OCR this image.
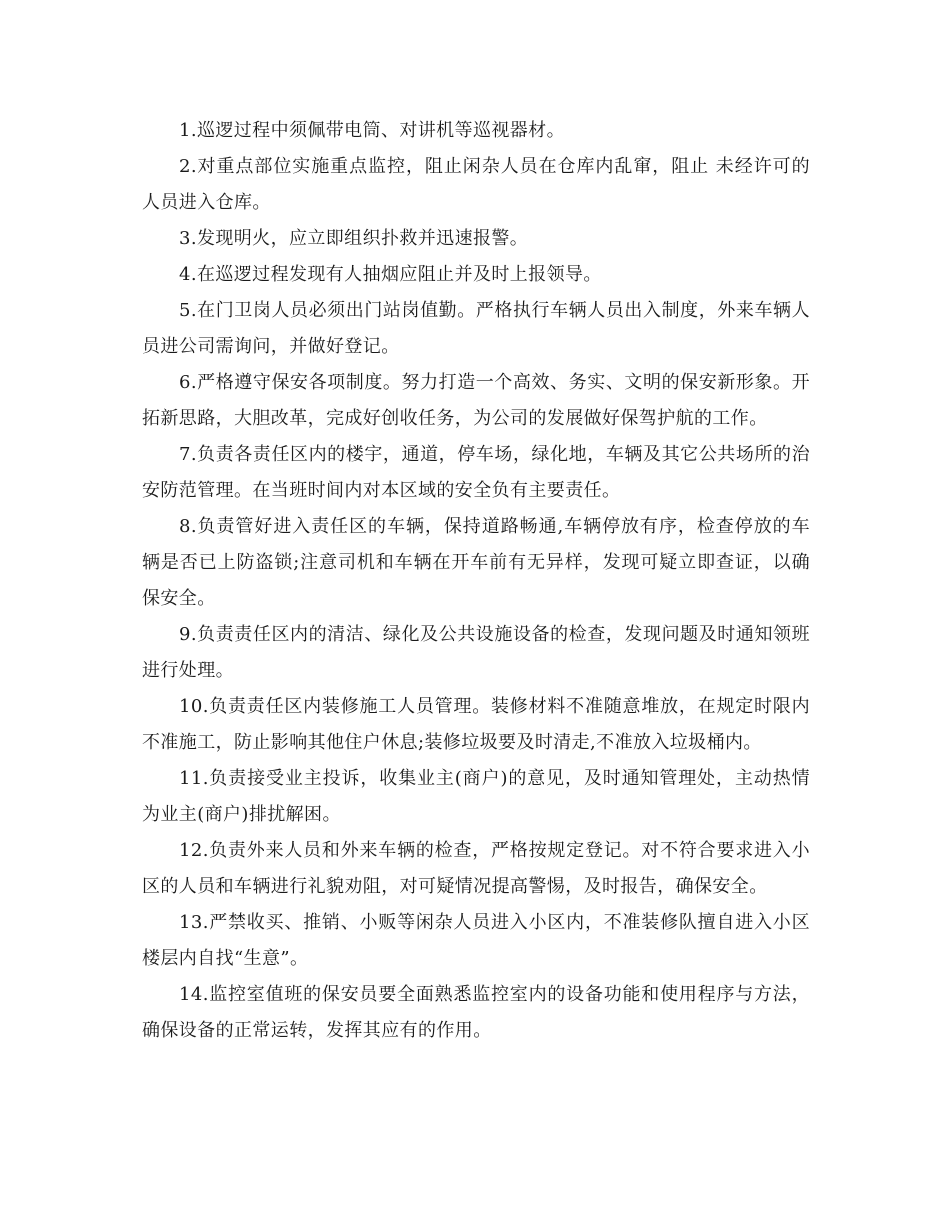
1.巡逻过程中须佩带电筒、对讲机等巡视器材。

2.对重点部位实施重点监控，阻止闲杂人员在仓库内乱窜，阻止 未经许可的人员进入仓库。

3.发现明火，应立即组织扑救并迅速报警。

4.在巡逻过程发现有人抽烟应阻止并及时上报领导。

5.在门卫岗人员必须出门站岗值勤。严格执行车辆人员出入制度，外来车辆人员进公司需询问，并做好登记。

6.严格遵守保安各项制度。努力打造一个高效、务实、文明的保安新形象。开拓新思路，大胆改革，完成好创收任务，为公司的发展做好保驾护航的工作。

7.负责各责任区内的楼宇，通道，停车场，绿化地，车辆及其它公共场所的治安防范管理。在当班时间内对本区域的安全负有主要责任。

8.负责管好进入责任区的车辆，保持道路畅通,车辆停放有序，检查停放的车辆是否已上防盗锁;注意司机和车辆在开车前有无异样，发现可疑立即查证，以确保安全。

9.负责责任区内的清洁、绿化及公共设施设备的检查，发现问题及时通知领班进行处理。

10.负责责任区内装修施工人员管理。装修材料不准随意堆放，在规定时限内不准施工，防止影响其他住户休息;装修垃圾要及时清走,不准放入垃圾桶内。

11.负责接受业主投诉，收集业主(商户)的意见，及时通知管理处，主动热情为业主(商户)排扰解困。

12.负责外来人员和外来车辆的检查，严格按规定登记。对不符合要求进入小区的人员和车辆进行礼貌劝阻，对可疑情况提高警惕，及时报告，确保安全。

13.严禁收买、推销、小贩等闲杂人员进入小区内，不准装修队擅自进入小区楼层内自找“生意”。

14.监控室值班的保安员要全面熟悉监控室内的设备功能和使用程序与方法，确保设备的正常运转，发挥其应有的作用。
